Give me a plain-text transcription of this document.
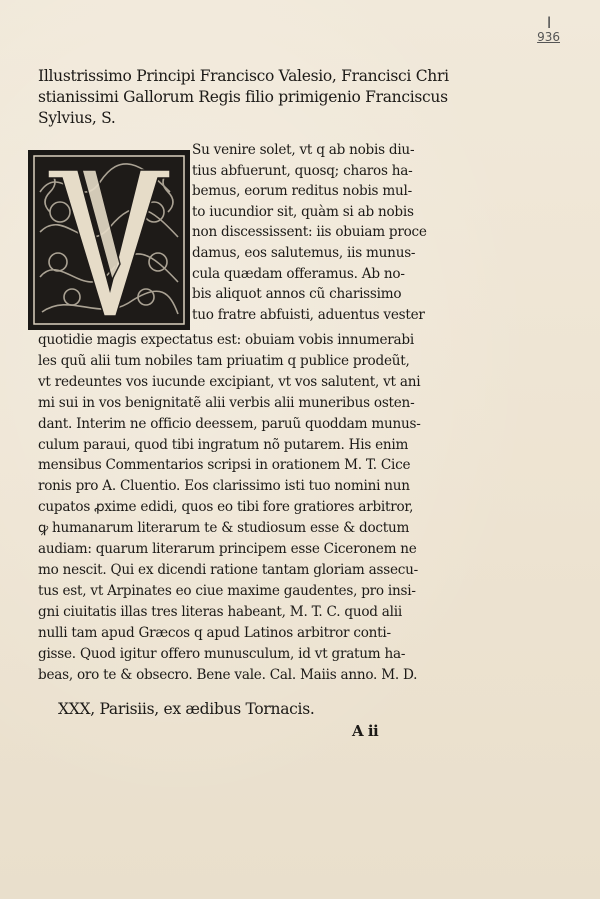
I
936
Illustrissimo Principi Francisco Valesio, Francisci Chri
stianissimi Gallorum Regis filio primigenio Franciscus
Sylvius, S.
Su venire solet, vt q ab nobis diu-
tius abfuerunt, quosq; charos ha-
bemus, eorum reditus nobis mul-
to iucundior sit, quàm si ab nobis
non discessissent: iis obuiam proce
damus, eos salutemus, iis munus-
cula quædam offeramus. Ab no-
bis aliquot annos cũ charissimo
tuo fratre abfuisti, aduentus vester
quotidie magis expectatus est: obuiam vobis innumerabi
les quũ alii tum nobiles tam priuatim q publice prodeũt,
vt redeuntes vos iucunde excipiant, vt vos salutent, vt ani
mi sui in vos benignitatẽ alii verbis alii muneribus osten-
dant. Interim ne officio deessem, paruũ quoddam munus-
culum paraui, quod tibi ingratum nõ putarem. His enim
mensibus Commentarios scripsi in orationem M. T. Cice
ronis pro A. Cluentio. Eos clarissimo isti tuo nomini nun
cupatos ꝓxime edidi, quos eo tibi fore gratiores arbitror,
ꝙ humanarum literarum te & studiosum esse & doctum
audiam: quarum literarum principem esse Ciceronem ne
mo nescit. Qui ex dicendi ratione tantam gloriam assecu-
tus est, vt Arpinates eo ciue maxime gaudentes, pro insi-
gni ciuitatis illas tres literas habeant, M. T. C. quod alii
nulli tam apud Græcos q apud Latinos arbitror conti-
gisse. Quod igitur offero munusculum, id vt gratum ha-
beas, oro te & obsecro. Bene vale. Cal. Maiis anno. M. D.
XXX, Parisiis, ex ædibus Tornacis.
A ii
